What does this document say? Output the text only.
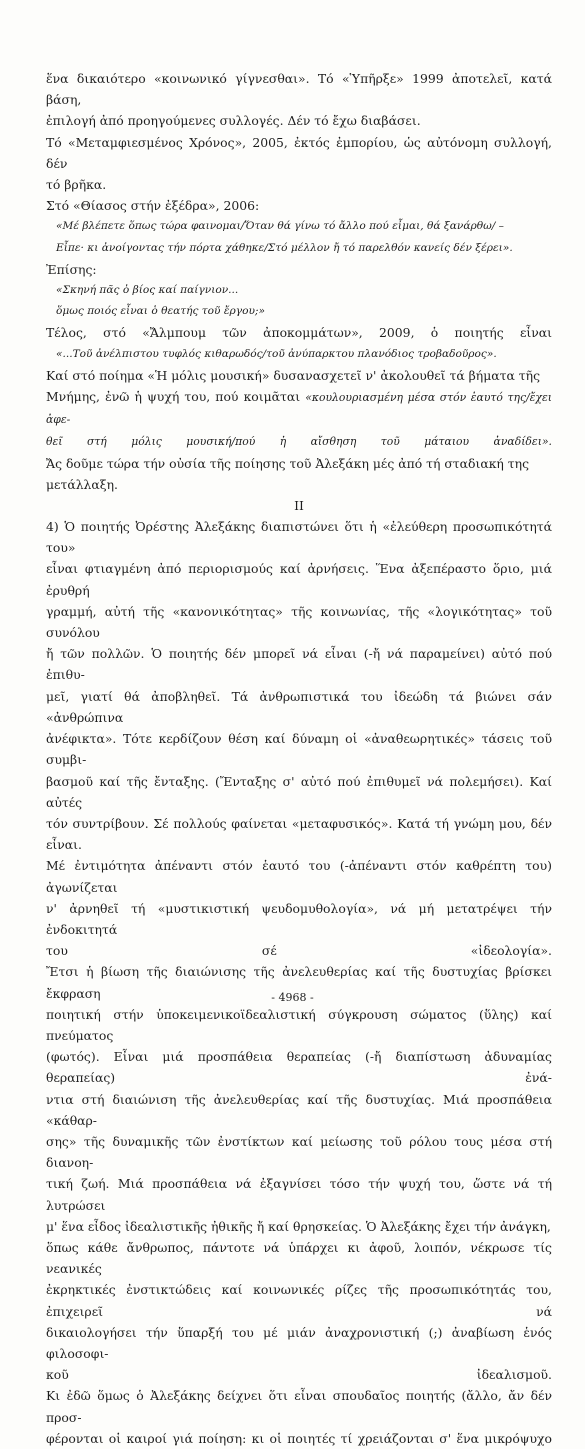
ἕνα δικαιότερο «κοινωνικό γίγνεσθαι». Τό «Ὑπῆρξε» 1999 ἀποτελεῖ, κατά βάση,

ἐπιλογή ἀπό προηγούμενες συλλογές. Δέν τό ἔχω διαβάσει.

Τό «Μεταμφιεσμένος Χρόνος», 2005, ἐκτός ἐμπορίου, ὡς αὐτόνομη συλλογή, δέν

τό βρῆκα.

Στό «Θίασος στήν ἐξέδρα», 2006:

«Μέ βλέπετε ὅπως τώρα φαινομαι/Ὅταν θά γίνω τό ἄλλο πού εἶμαι, θά ξανάρθω/ –

Εἶπε· κι ἀνοίγοντας τήν πόρτα χάθηκε/Στό μέλλον ἤ τό παρελθόν κανείς δέν ξέρει».

Ἐπίσης:

«Σκηνή πᾶς ὁ βίος καί παίγνιον...

ὅμως ποιός εἶναι ὁ θεατής τοῦ ἔργου;»

Τέλος, στό «Ἄλμπουμ τῶν ἀποκομμάτων», 2009, ὁ ποιητής εἶναι

«...Τοῦ ἀνέλπιστου τυφλός κιθαρωδός/τοῦ ἀνύπαρκτου πλανόδιος τροβαδοῦρος».

Καί στό ποίημα «Ἡ μόλις μουσική» δυσανασχετεῖ ν' ἀκολουθεῖ τά βήματα τῆς

Μνήμης, ἐνῶ ἡ ψυχή του, πού κοιμᾶται «κουλουριασμένη μέσα στόν ἑαυτό της/ἔχει ἀφε-

θεῖ στή μόλις μουσική/πού ἡ αἴσθηση τοῦ μάταιου ἀναδίδει».

Ἄς δοῦμε τώρα τήν οὐσία τῆς ποίησης τοῦ Ἀλεξάκη μές ἀπό τή σταδιακή της

μετάλλαξη.

II

4) Ὁ ποιητής Ὀρέστης Ἀλεξάκης διαπιστώνει ὅτι ἡ «ἐλεύθερη προσωπικότητά του»

εἶναι φτιαγμένη ἀπό περιορισμούς καί ἀρνήσεις. Ἕνα ἀξεπέραστο ὅριο, μιά ἐρυθρή

γραμμή, αὐτή τῆς «κανονικότητας» τῆς κοινωνίας, τῆς «λογικότητας» τοῦ συνόλου

ἤ τῶν πολλῶν. Ὁ ποιητής δέν μπορεῖ νά εἶναι (-ἤ νά παραμείνει) αὐτό πού ἐπιθυ-

μεῖ, γιατί θά ἀποβληθεῖ. Τά ἀνθρωπιστικά του ἰδεώδη τά βιώνει σάν «ἀνθρώπινα

ἀνέφικτα». Τότε κερδίζουν θέση καί δύναμη οἱ «ἀναθεωρητικές» τάσεις τοῦ συμβι-

βασμοῦ καί τῆς ἔνταξης. (Ἔνταξης σ' αὐτό πού ἐπιθυμεῖ νά πολεμήσει). Καί αὐτές

τόν συντρίβουν. Σέ πολλούς φαίνεται «μεταφυσικός». Κατά τή γνώμη μου, δέν εἶναι.

Μέ ἐντιμότητα ἀπέναντι στόν ἑαυτό του (-ἀπέναντι στόν καθρέπτη του) ἀγωνίζεται

ν' ἀρνηθεῖ τή «μυστικιστική ψευδομυθολογία», νά μή μετατρέψει τήν ἐνδοκιτητά

του σέ «ἰδεολογία».

Ἔτσι ἡ βίωση τῆς διαιώνισης τῆς ἀνελευθερίας καί τῆς δυστυχίας βρίσκει ἔκφραση

ποιητική στήν ὑποκειμενικοϊδεαλιστική σύγκρουση σώματος (ὕλης) καί πνεύματος

(φωτός). Εἶναι μιά προσπάθεια θεραπείας (-ἤ διαπίστωση ἀδυναμίας θεραπείας) ἐνά-

ντια στή διαιώνιση τῆς ἀνελευθερίας καί τῆς δυστυχίας. Μιά προσπάθεια «κάθαρ-

σης» τῆς δυναμικῆς τῶν ἐνστίκτων καί μείωσης τοῦ ρόλου τους μέσα στή διανοη-

τική ζωή. Μιά προσπάθεια νά ἐξαγνίσει τόσο τήν ψυχή του, ὥστε νά τή λυτρώσει

μ' ἕνα εἶδος ἰδεαλιστικῆς ἠθικῆς ἤ καί θρησκείας. Ὁ Ἀλεξάκης ἔχει τήν ἀνάγκη,

ὅπως κάθε ἄνθρωπος, πάντοτε νά ὑπάρχει κι ἀφοῦ, λοιπόν, νέκρωσε τίς νεανικές

ἐκρηκτικές ἐνστικτώδεις καί κοινωνικές ρίζες τῆς προσωπικότητάς του, ἐπιχειρεῖ νά

δικαιολογήσει τήν ὕπαρξή του μέ μιάν ἀναχρονιστική (;) ἀναβίωση ἑνός φιλοσοφι-

κοῦ ἰδεαλισμοῦ.

Κι ἐδῶ ὅμως ὁ Ἀλεξάκης δείχνει ὅτι εἶναι σπουδαῖος ποιητής (ἄλλο, ἄν δέν προσ-

φέρονται οἱ καιροί γιά ποίηση: κι οἱ ποιητές τί χρειάζονται σ' ἕνα μικρόψυχο

- 4968 -
